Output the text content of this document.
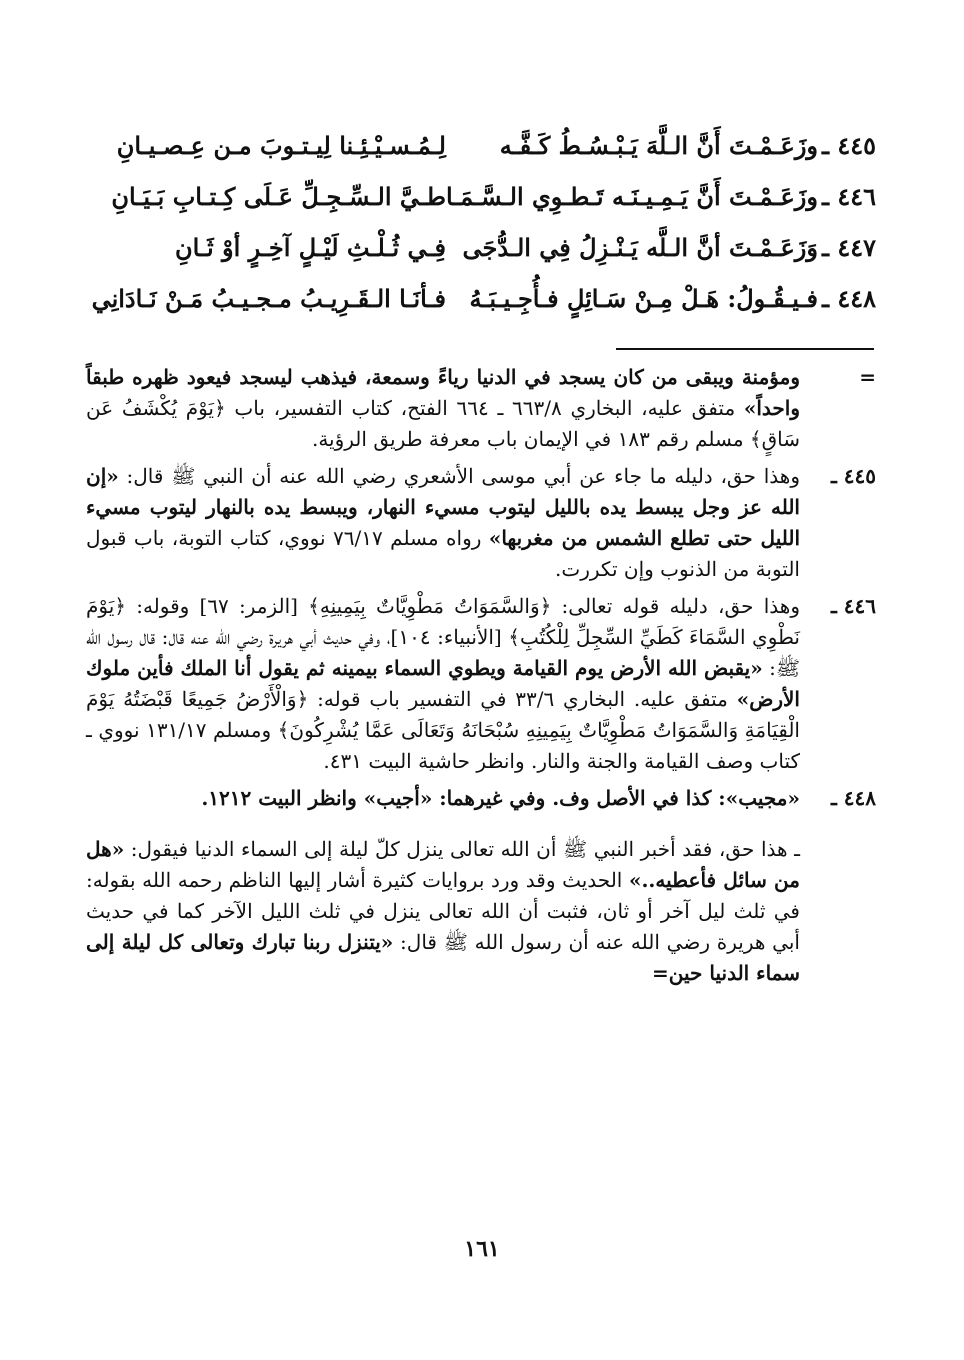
٤٤٥ ـوزَعَـمْـتَ أَنَّ الـلَّهَ يَـبْـسُـطُ كَـفَّـه
لِـمُـسـيْـئِـنا لِيـتـوبَ مـن عِـصـيـانِ
٤٤٦ ـوزَعَـمْـتَ أَنَّ يَـمِـيـنَـه تَـطـوِي الـسَّـمَـا
طـيَّ الـسِّـجِـلِّ عَـلَى كِـتـابِ بَـيَـانِ
٤٤٧ ـوَزَعَـمْـتَ أنَّ الـلَّه يَـنْـزِلُ فِي الـدُّجَى
فِـي ثُـلْـثِ لَيْـلٍ آخِـرٍ أوْ ثَـانِ
٤٤٨ ـفـيـقُـولُ: هَـلْ مِـنْ سَـائِلٍ فـأُجِـيـبَـهُ
فـأنَـا الـقَـرِيـبُ مـجـيـبُ مَـنْ نَـادَانِي
=

ومؤمنة ويبقى من كان يسجد في الدنيا رياءً وسمعة، فيذهب ليسجد فيعود ظهره طبقاً واحداً» متفق عليه، البخاري ٦٦٣/٨ ـ ٦٦٤ الفتح، كتاب التفسير، باب ﴿يَوْمَ يُكْشَفُ عَن سَاقٍ﴾ مسلم رقم ١٨٣ في الإيمان باب معرفة طريق الرؤية.

٤٤٥ ـ

وهذا حق، دليله ما جاء عن أبي موسى الأشعري رضي الله عنه أن النبي ﷺ قال: «إن الله عز وجل يبسط يده بالليل ليتوب مسيء النهار، ويبسط يده بالنهار ليتوب مسيء الليل حتى تطلع الشمس من مغربها» رواه مسلم ٧٦/١٧ نووي، كتاب التوبة، باب قبول التوبة من الذنوب وإن تكررت.

٤٤٦ ـ

وهذا حق، دليله قوله تعالى: ﴿وَالسَّمَوَاتُ مَطْوِيَّاتٌ بِيَمِينِهِ﴾ [الزمر: ٦٧] وقوله: ﴿يَوْمَ نَطْوِي السَّمَاءَ كَطَيِّ السِّجِلِّ لِلْكُتُبِ﴾ [الأنبياء: ١٠٤]، وفي حديث أبي هريرة رضي الله عنه قال: قال رسول الله ﷺ: «يقبض الله الأرض يوم القيامة ويطوي السماء بيمينه ثم يقول أنا الملك فأين ملوك الأرض» متفق عليه. البخاري ٣٣/٦ في التفسير باب قوله: ﴿وَالْأَرْضُ جَمِيعًا قَبْضَتُهُ يَوْمَ الْقِيَامَةِ وَالسَّمَوَاتُ مَطْوِيَّاتٌ بِيَمِينِهِ سُبْحَانَهُ وَتَعَالَى عَمَّا يُشْرِكُونَ﴾ ومسلم ١٣١/١٧ نووي ـ كتاب وصف القيامة والجنة والنار. وانظر حاشية البيت ٤٣١.

٤٤٨ ـ

«مجيب»: كذا في الأصل وف. وفي غيرهما: «أجيب» وانظر البيت ١٢١٢.

ـ هذا حق، فقد أخبر النبي ﷺ أن الله تعالى ينزل كلّ ليلة إلى السماء الدنيا فيقول: «هل من سائل فأعطيه..» الحديث وقد ورد بروايات كثيرة أشار إليها الناظم رحمه الله بقوله: في ثلث ليل آخر أو ثان، فثبت أن الله تعالى ينزل في ثلث الليل الآخر كما في حديث أبي هريرة رضي الله عنه أن رسول الله ﷺ قال: «يتنزل ربنا تبارك وتعالى كل ليلة إلى سماء الدنيا حين=

١٦١
